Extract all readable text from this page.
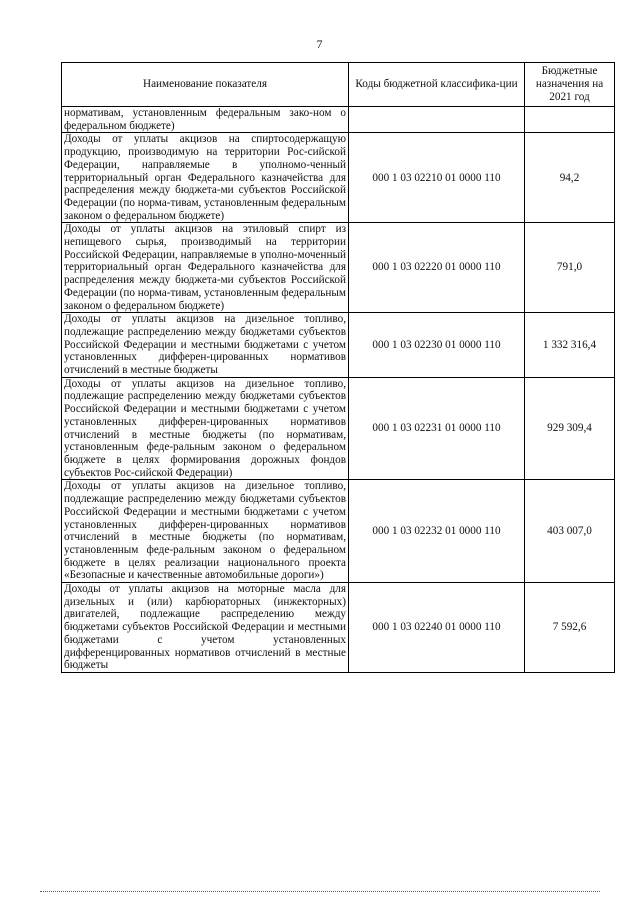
7
Наименование показателя	Коды бюджетной классифика-ции	Бюджетные назначения на 2021 год
нормативам, установленным федеральным зако-ном о федеральном бюджете)		
Доходы от уплаты акцизов на спиртосодержащую продукцию, производимую на территории Рос-сийской Федерации, направляемые в уполномо-ченный территориальный орган Федерального казначейства для распределения между бюджета-ми субъектов Российской Федерации (по норма-тивам, установленным федеральным законом о федеральном бюджете)	000 1 03 02210 01 0000 110	94,2
Доходы от уплаты акцизов на этиловый спирт из непищевого сырья, производимый на территории Российской Федерации, направляемые в уполно-моченный территориальный орган Федерального казначейства для распределения между бюджета-ми субъектов Российской Федерации (по норма-тивам, установленным федеральным законом о федеральном бюджете)	000 1 03 02220 01 0000 110	791,0
Доходы от уплаты акцизов на дизельное топливо, подлежащие распределению между бюджетами субъектов Российской Федерации и местными бюджетами с учетом установленных дифферен-цированных нормативов отчислений в местные бюджеты	000 1 03 02230 01 0000 110	1 332 316,4
Доходы от уплаты акцизов на дизельное топливо, подлежащие распределению между бюджетами субъектов Российской Федерации и местными бюджетами с учетом установленных дифферен-цированных нормативов отчислений в местные бюджеты (по нормативам, установленным феде-ральным законом о федеральном бюджете в целях формирования дорожных фондов субъектов Рос-сийской Федерации)	000 1 03 02231 01 0000 110	929 309,4
Доходы от уплаты акцизов на дизельное топливо, подлежащие распределению между бюджетами субъектов Российской Федерации и местными бюджетами с учетом установленных дифферен-цированных нормативов отчислений в местные бюджеты (по нормативам, установленным феде-ральным законом о федеральном бюджете в целях реализации национального проекта «Безопасные и качественные автомобильные дороги»)	000 1 03 02232 01 0000 110	403 007,0
Доходы от уплаты акцизов на моторные масла для дизельных и (или) карбюраторных (инжекторных) двигателей, подлежащие распределению между бюджетами субъектов Российской Федерации и местными бюджетами с учетом установленных дифференцированных нормативов отчислений в местные бюджеты	000 1 03 02240 01 0000 110	7 592,6
